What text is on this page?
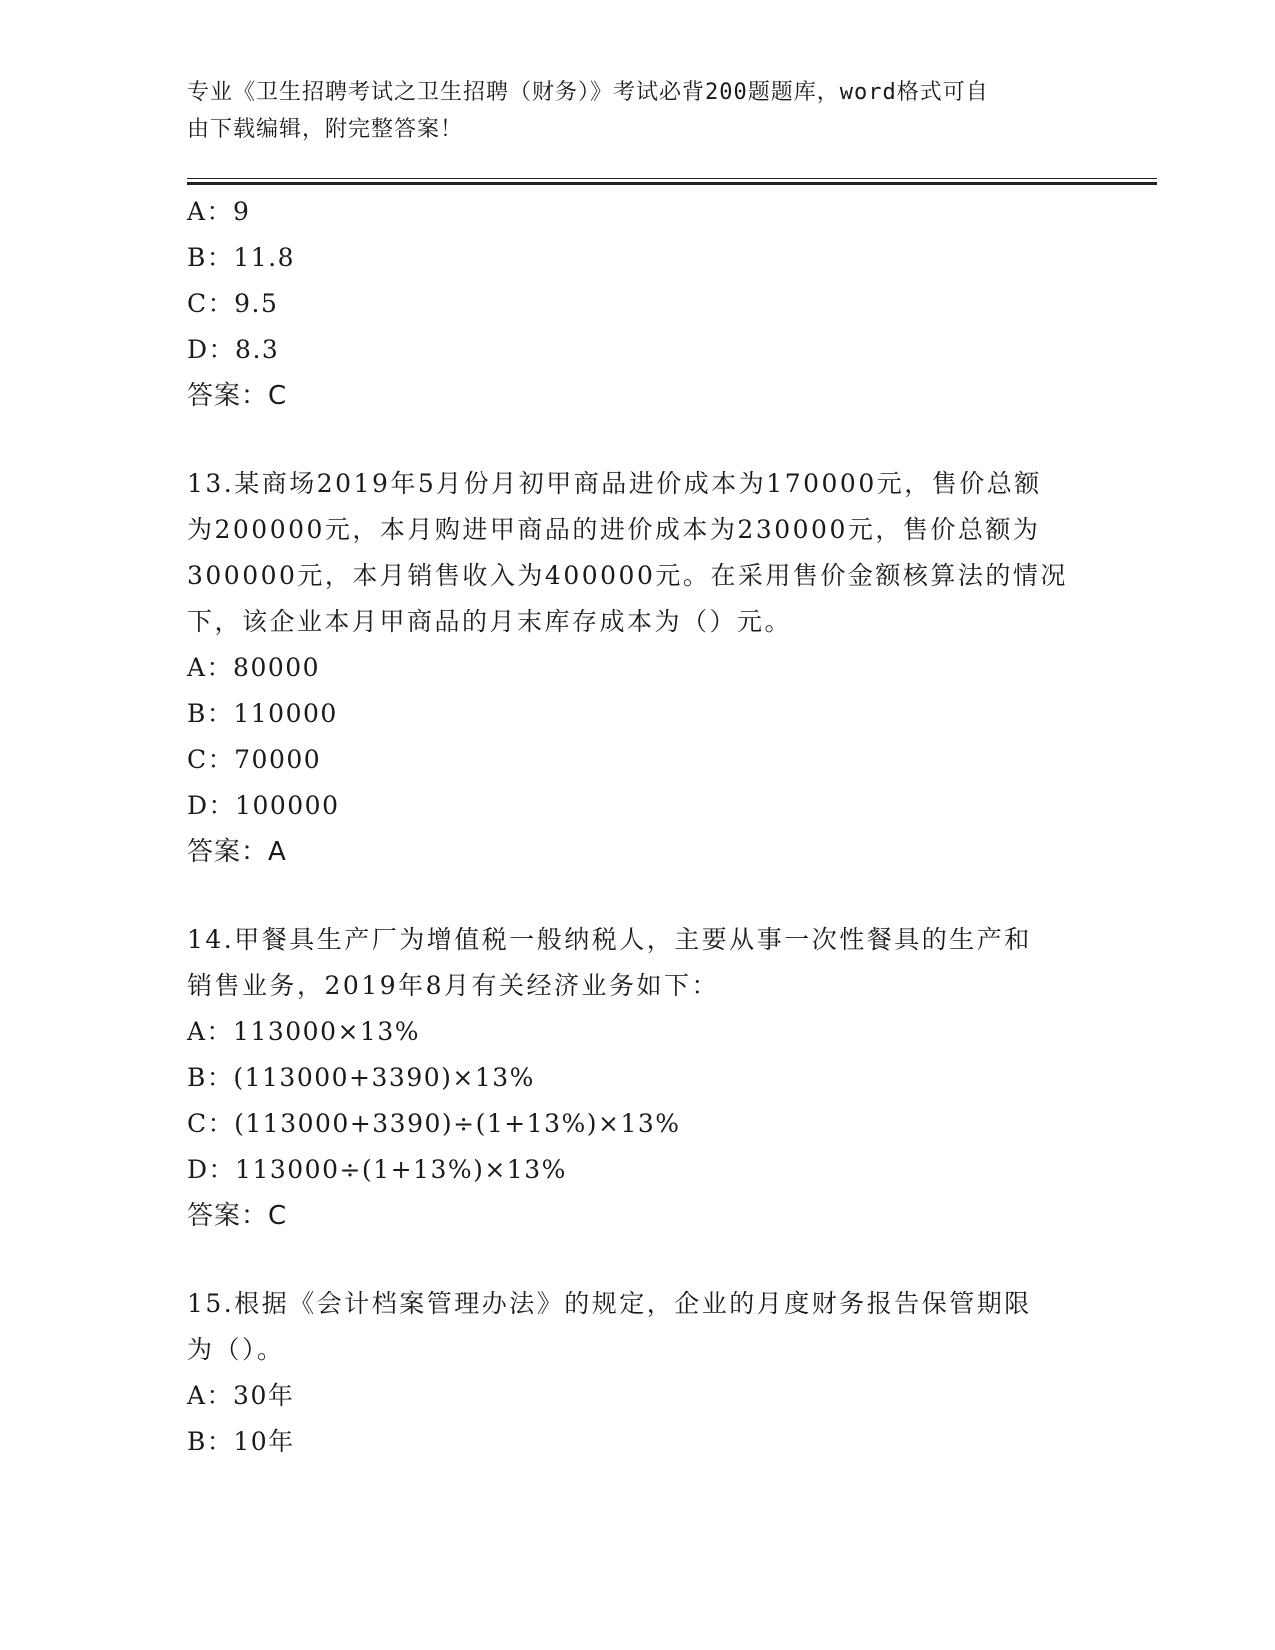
专业《卫生招聘考试之卫生招聘（财务）》考试必背200题题库，word格式可自
由下载编辑，附完整答案！
A：9
B：11.8
C：9.5
D：8.3
答案：C
13.某商场2019年5月份月初甲商品进价成本为170000元，售价总额
为200000元，本月购进甲商品的进价成本为230000元，售价总额为
300000元，本月销售收入为400000元。在采用售价金额核算法的情况
下，该企业本月甲商品的月末库存成本为（）元。
A：80000
B：110000
C：70000
D：100000
答案：A
14.甲餐具生产厂为增值税一般纳税人，主要从事一次性餐具的生产和
销售业务，2019年8月有关经济业务如下：
A：113000×13%
B：(113000+3390)×13%
C：(113000+3390)÷(1+13%)×13%
D：113000÷(1+13%)×13%
答案：C
15.根据《会计档案管理办法》的规定，企业的月度财务报告保管期限
为（）。
A：30年
B：10年
